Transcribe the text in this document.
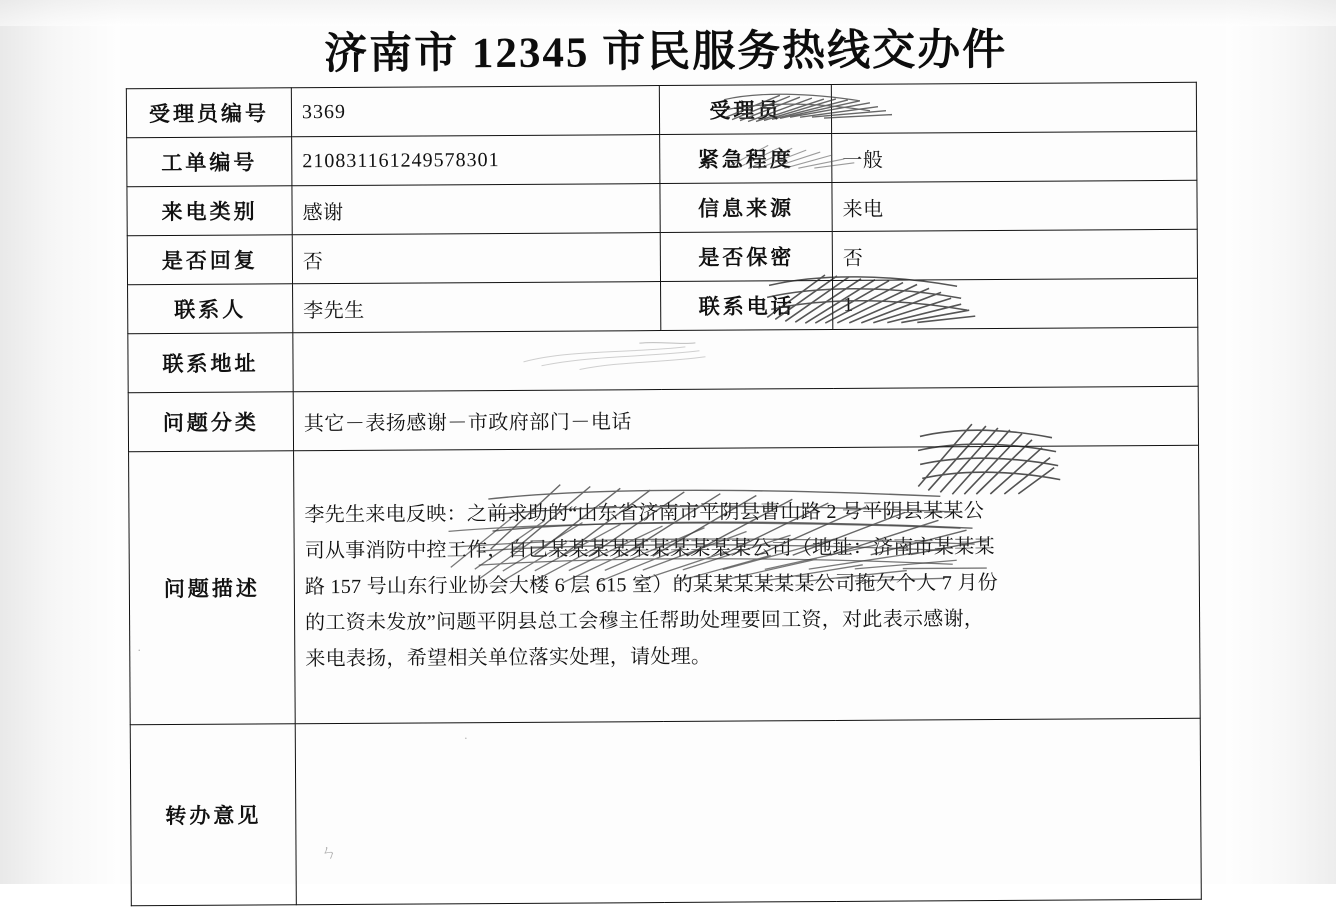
济南市 12345 市民服务热线交办件
受理员编号	3369	受理员	
工单编号	210831161249578301	紧急程度	一般
来电类别	感谢	信息来源	来电
是否回复	否	是否保密	否
联系人	李先生	联系电话	1
联系地址			
问题分类	其它－表扬感谢－市政府部门－电话		
问题描述	李先生来电反映：之前求助的“山东省济南市平阴县曹山路 2 号平阴县某某公
司从事消防中控工作，自己某某某某某某某某某某公司（地址：济南市某某某
路 157 号山东行业协会大楼 6 层 615 室）的某某某某某某公司拖欠个人 7 月份
的工资未发放”问题平阴县总工会穆主任帮助处理要回工资，对此表示感谢，
来电表扬，希望相关单位落实处理，请处理。		

转办意见			
ㄣ
·
·
